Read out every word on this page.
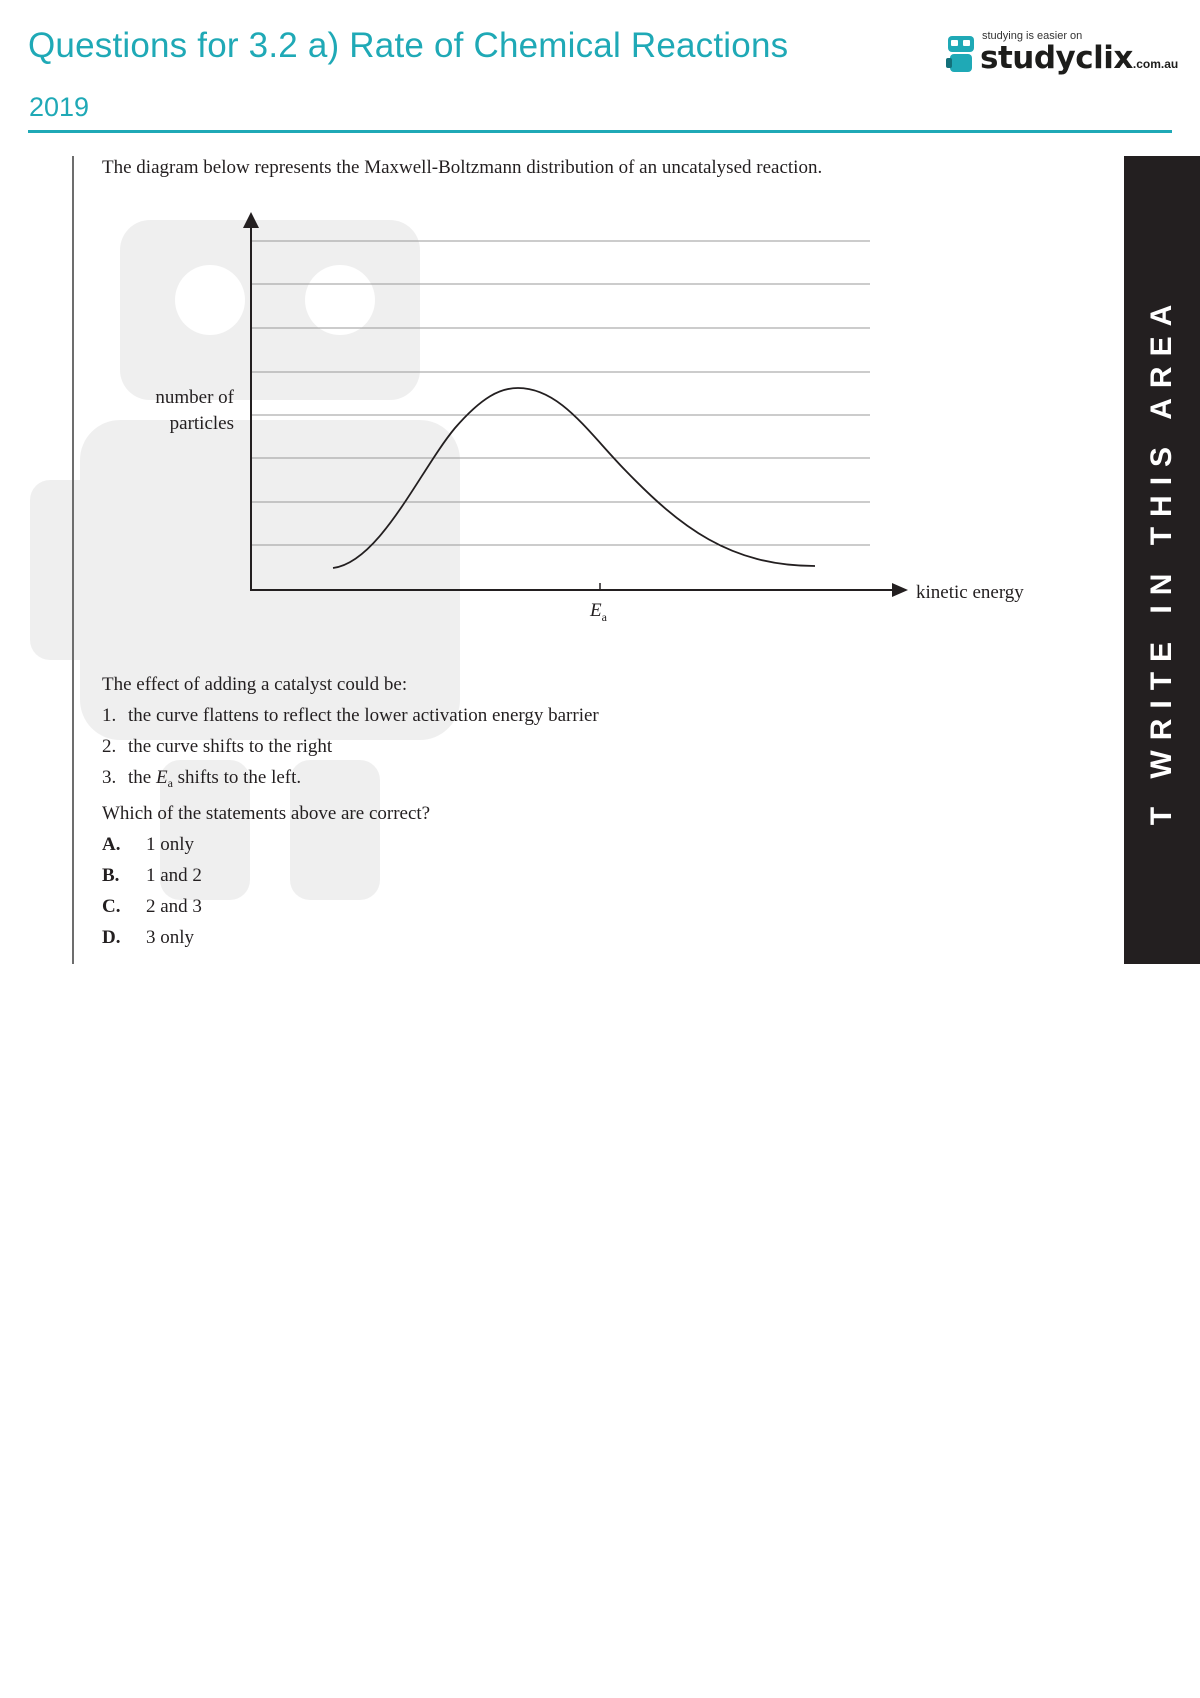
Questions for 3.2 a) Rate of Chemical Reactions
2019
studying is easier on
studyclix.com.au
T WRITE IN THIS AREA
The diagram below represents the Maxwell-Boltzmann distribution of an uncatalysed reaction.
number of
particles
kinetic energy
$E_a$
The effect of adding a catalyst could be:
1. the curve flattens to reflect the lower activation energy barrier
2. the curve shifts to the right
3. the $E_a$ shifts to the left.
Which of the statements above are correct?
A. 1 only
B. 1 and 2
C. 2 and 3
D. 3 only
